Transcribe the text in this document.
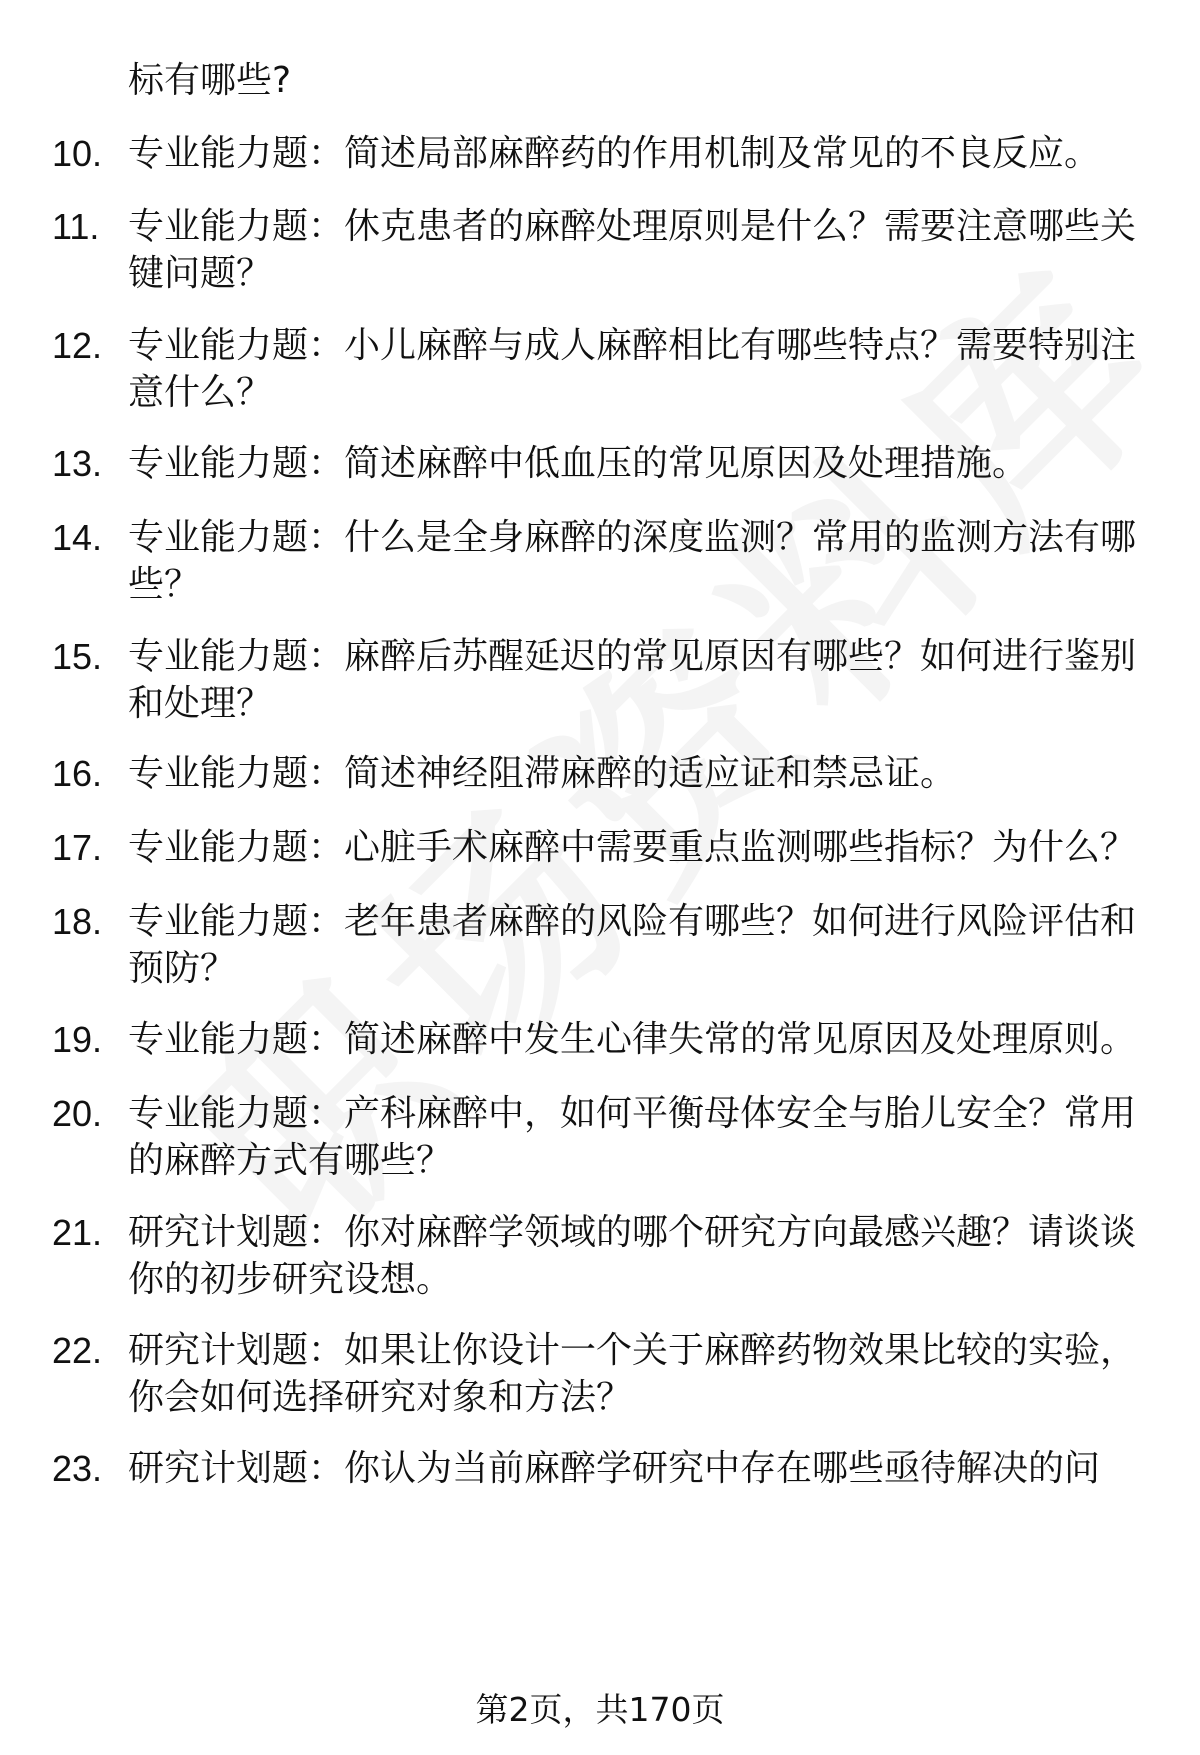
标有哪些?
10. 专业能力题：简述局部麻醉药的作用机制及常见的不良反应。
11. 专业能力题：休克患者的麻醉处理原则是什么？需要注意哪些关键问题？
12. 专业能力题：小儿麻醉与成人麻醉相比有哪些特点？需要特别注意什么？
13. 专业能力题：简述麻醉中低血压的常见原因及处理措施。
14. 专业能力题：什么是全身麻醉的深度监测？常用的监测方法有哪些？
15. 专业能力题：麻醉后苏醒延迟的常见原因有哪些？如何进行鉴别和处理？
16. 专业能力题：简述神经阻滞麻醉的适应证和禁忌证。
17. 专业能力题：心脏手术麻醉中需要重点监测哪些指标？为什么？
18. 专业能力题：老年患者麻醉的风险有哪些？如何进行风险评估和预防？
19. 专业能力题：简述麻醉中发生心律失常的常见原因及处理原则。
20. 专业能力题：产科麻醉中，如何平衡母体安全与胎儿安全？常用的麻醉方式有哪些？
21. 研究计划题：你对麻醉学领域的哪个研究方向最感兴趣？请谈谈你的初步研究设想。
22. 研究计划题：如果让你设计一个关于麻醉药物效果比较的实验，你会如何选择研究对象和方法？
23. 研究计划题：你认为当前麻醉学研究中存在哪些亟待解决的问
第2页，共170页
